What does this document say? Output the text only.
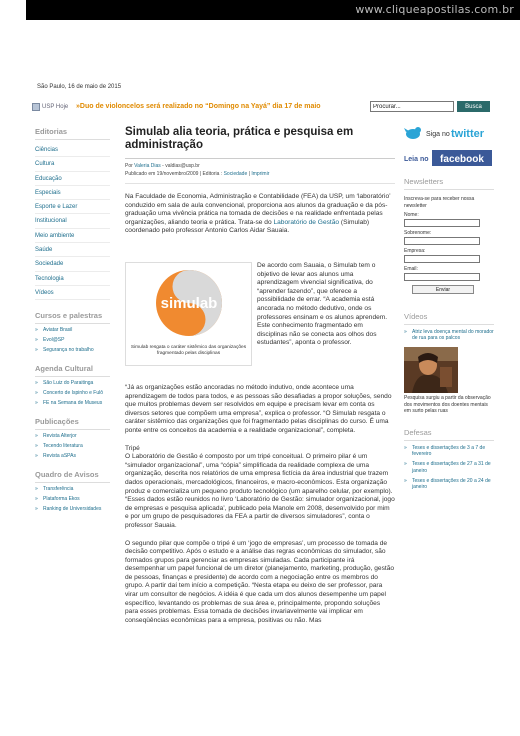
www.cliqueapostilas.com.br
São Paulo, 16 de maio de 2015
USP Hoje »Duo de violoncelos será realizado no “Domingo na Yayá” dia 17 de maio
Procurar...	Busca
Editorias
Ciências
Cultura
Educação
Especiais
Esporte e Lazer
Institucional
Meio ambiente
Saúde
Sociedade
Tecnologia
Vídeos
Cursos e palestras
»	Aviatar Brasil
»	Evol@SP
»	Segurança no trabalho
Agenda Cultural
»	São Luiz do Paraitinga
»	Concerto de Ispinho e Fulô
»	FE na Semana de Museus
Publicações
»	Revista Alterjor
»	Tecendo literatura
»	Revista aSPAs
Quadro de Avisos
»	Transferência
»	Plataforma Ekos
»	Ranking de Universidades
Simulab alia teoria, prática e pesquisa em administração
Por Valeria Dias - valdias@usp.br
Publicado em 19/novembro/2009 | Editoria : Sociedade | Imprimir

Na Faculdade de Economia, Administração e Contabilidade (FEA) da USP, um ‘laboratório’ conduzido em sala de aula convencional, proporciona aos alunos da graduação e da pós-graduação uma vivência prática na tomada de decisões e na realidade enfrentada pelas organizações, aliando teoria e prática. Trata-se do Laboratório de Gestão (Simulab) coordenado pelo professor Antonio Carlos Aidar Sauaia.

simulab
Simulab resgata o caráter sistêmico das organizações fragmentado pelas disciplinas
De acordo com Sauaia, o Simulab tem o objetivo de levar aos alunos uma aprendizagem vivencial significativa, do “aprender fazendo”, que oferece a possibilidade de errar. “A academia está ancorada no método dedutivo, onde os professores ensinam e os alunos aprendem. Este conhecimento fragmentado em disciplinas não se conecta aos olhos dos estudantes”, aponta o professor.

“Já as organizações estão ancoradas no método indutivo, onde acontece uma aprendizagem de todos para todos, e as pessoas são desafiadas a propor soluções, sendo que muitos problemas devem ser resolvidos em equipe e precisam levar em conta os diversos setores que compõem uma empresa”, explica o professor. “O Simulab resgata o caráter sistêmico das organizações que foi fragmentado pelas disciplinas do curso. É uma ponte entre os conceitos da academia e a realidade organizacional”, completa.

Tripé

O Laboratório de Gestão é composto por um tripé conceitual. O primeiro pilar é um “simulador organizacional”, uma “cópia” simplificada da realidade complexa de uma organização, descrita nos relatórios de uma empresa fictícia da área industrial que trazem dados operacionais, mercadológicos, financeiros, e macro-econômicos. Esta organização produz e comercializa um pequeno produto tecnológico (um aparelho celular, por exemplo). “Esses dados estão reunidos no livro ‘Laboratório de Gestão: simulador organizacional, jogo de empresas e pesquisa aplicada’, publicado pela Manole em 2008, desenvolvido por mim e por um grupo de pesquisadores da FEA a partir de diversos simuladores”, conta o professor Sauaia.

O segundo pilar que compõe o tripé é um ‘jogo de empresas’, um processo de tomada de decisão competitivo. Após o estudo e a análise das regras econômicas do simulador, são formados grupos para gerenciar as empresas simuladas. Cada participante irá desempenhar um papel funcional de um diretor (planejamento, marketing, produção, gestão de pessoas, finanças e presidente) de acordo com a negociação entre os membros do grupo. A partir daí tem início a competição. “Nesta etapa eu deixo de ser professor, para virar um consultor de negócios. A idéia é que cada um dos alunos desempenhe um papel específico, levantando os problemas de sua área e, principalmente, propondo soluções para esses problemas. Essa tomada de decisões invariavelmente vai implicar em conseqüências econômicas para a empresa, positivas ou não. Mas

Siga no twitter
Leia no facebook
Newsletters
Inscreva-se para receber nossa newsletter
Nome:
Sobrenome:
Empresa:
Email:
Enviar
Vídeos
»	Atriz leva doença mental do morador de rua para os palcos
Pesquisa surgiu a partir da observação dos movimentos dos doentes mentais em surto pelas ruas
Defesas
»	Teses e dissertações de 3 a 7 de fevereiro
»	Teses e dissertações de 27 a 31 de janeiro
»	Teses e dissertações de 20 a 24 de janeiro
